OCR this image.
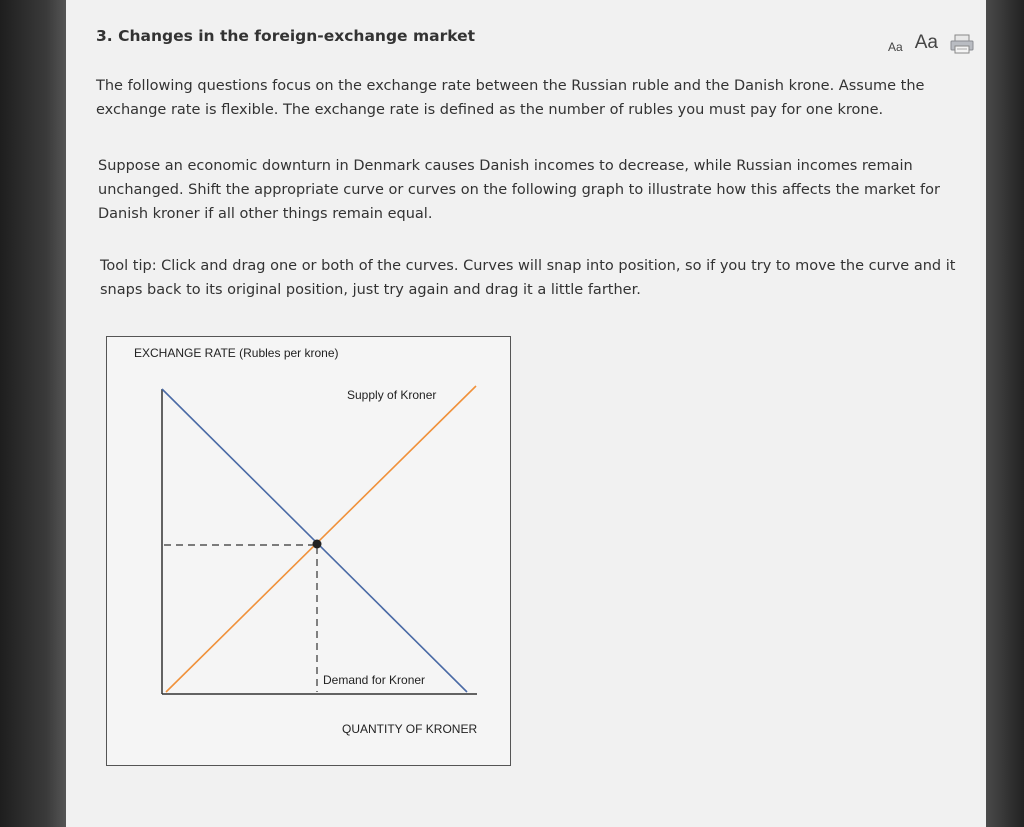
3. Changes in the foreign-exchange market
Aa Aa
The following questions focus on the exchange rate between the Russian ruble and the Danish krone. Assume the exchange rate is flexible. The exchange rate is defined as the number of rubles you must pay for one krone.
Suppose an economic downturn in Denmark causes Danish incomes to decrease, while Russian incomes remain unchanged. Shift the appropriate curve or curves on the following graph to illustrate how this affects the market for Danish kroner if all other things remain equal.
Tool tip: Click and drag one or both of the curves. Curves will snap into position, so if you try to move the curve and it snaps back to its original position, just try again and drag it a little farther.
EXCHANGE RATE (Rubles per krone)
Supply of Kroner
Demand for Kroner
QUANTITY OF KRONER
